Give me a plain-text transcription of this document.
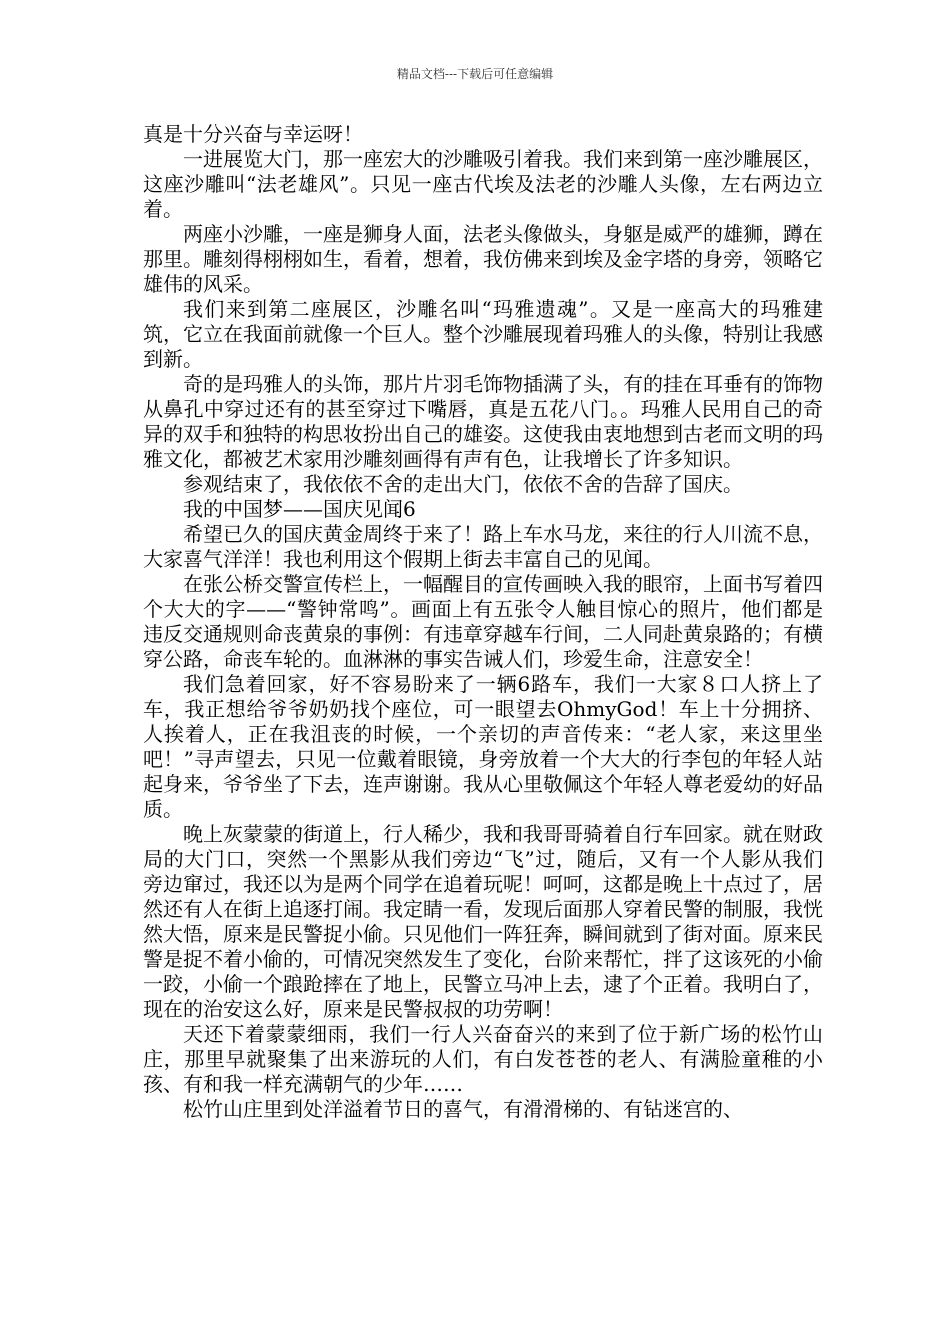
精品文档---下载后可任意编辑

真是十分兴奋与幸运呀！

一进展览大门，那一座宏大的沙雕吸引着我。我们来到第一座沙雕展区，这座沙雕叫“法老雄风”。只见一座古代埃及法老的沙雕人头像，左右两边立着。

两座小沙雕，一座是狮身人面，法老头像做头，身躯是威严的雄狮，蹲在那里。雕刻得栩栩如生，看着，想着，我仿佛来到埃及金字塔的身旁，领略它雄伟的风采。

我们来到第二座展区，沙雕名叫“玛雅遗魂”。又是一座高大的玛雅建筑，它立在我面前就像一个巨人。整个沙雕展现着玛雅人的头像，特别让我感到新。

奇的是玛雅人的头饰，那片片羽毛饰物插满了头，有的挂在耳垂有的饰物从鼻孔中穿过还有的甚至穿过下嘴唇，真是五花八门。。玛雅人民用自己的奇异的双手和独特的构思妆扮出自己的雄姿。这使我由衷地想到古老而文明的玛雅文化，都被艺术家用沙雕刻画得有声有色，让我增长了许多知识。

参观结束了，我依依不舍的走出大门，依依不舍的告辞了国庆。

我的中国梦——国庆见闻6

希望已久的国庆黄金周终于来了！路上车水马龙，来往的行人川流不息，大家喜气洋洋！我也利用这个假期上街去丰富自己的见闻。

在张公桥交警宣传栏上，一幅醒目的宣传画映入我的眼帘，上面书写着四个大大的字——“警钟常鸣”。画面上有五张令人触目惊心的照片，他们都是违反交通规则命丧黄泉的事例：有违章穿越车行间，二人同赴黄泉路的；有横穿公路，命丧车轮的。血淋淋的事实告诫人们，珍爱生命，注意安全！

我们急着回家，好不容易盼来了一辆6路车，我们一大家８口人挤上了车，我正想给爷爷奶奶找个座位，可一眼望去OhmyGod！车上十分拥挤、人挨着人，正在我沮丧的时候，一个亲切的声音传来：“老人家，来这里坐吧！”寻声望去，只见一位戴着眼镜，身旁放着一个大大的行李包的年轻人站起身来，爷爷坐了下去，连声谢谢。我从心里敬佩这个年轻人尊老爱幼的好品质。

晚上灰蒙蒙的街道上，行人稀少，我和我哥哥骑着自行车回家。就在财政局的大门口，突然一个黑影从我们旁边“飞”过，随后，又有一个人影从我们旁边窜过，我还以为是两个同学在追着玩呢！呵呵，这都是晚上十点过了，居然还有人在街上追逐打闹。我定睛一看，发现后面那人穿着民警的制服，我恍然大悟，原来是民警捉小偷。只见他们一阵狂奔，瞬间就到了街对面。原来民警是捉不着小偷的，可情况突然发生了变化，台阶来帮忙，拌了这该死的小偷一跤，小偷一个踉跄摔在了地上，民警立马冲上去，逮了个正着。我明白了，现在的治安这么好，原来是民警叔叔的功劳啊！

天还下着蒙蒙细雨，我们一行人兴奋奋兴的来到了位于新广场的松竹山庄，那里早就聚集了出来游玩的人们，有白发苍苍的老人、有满脸童稚的小孩、有和我一样充满朝气的少年……

松竹山庄里到处洋溢着节日的喜气，有滑滑梯的、有钻迷宫的、
